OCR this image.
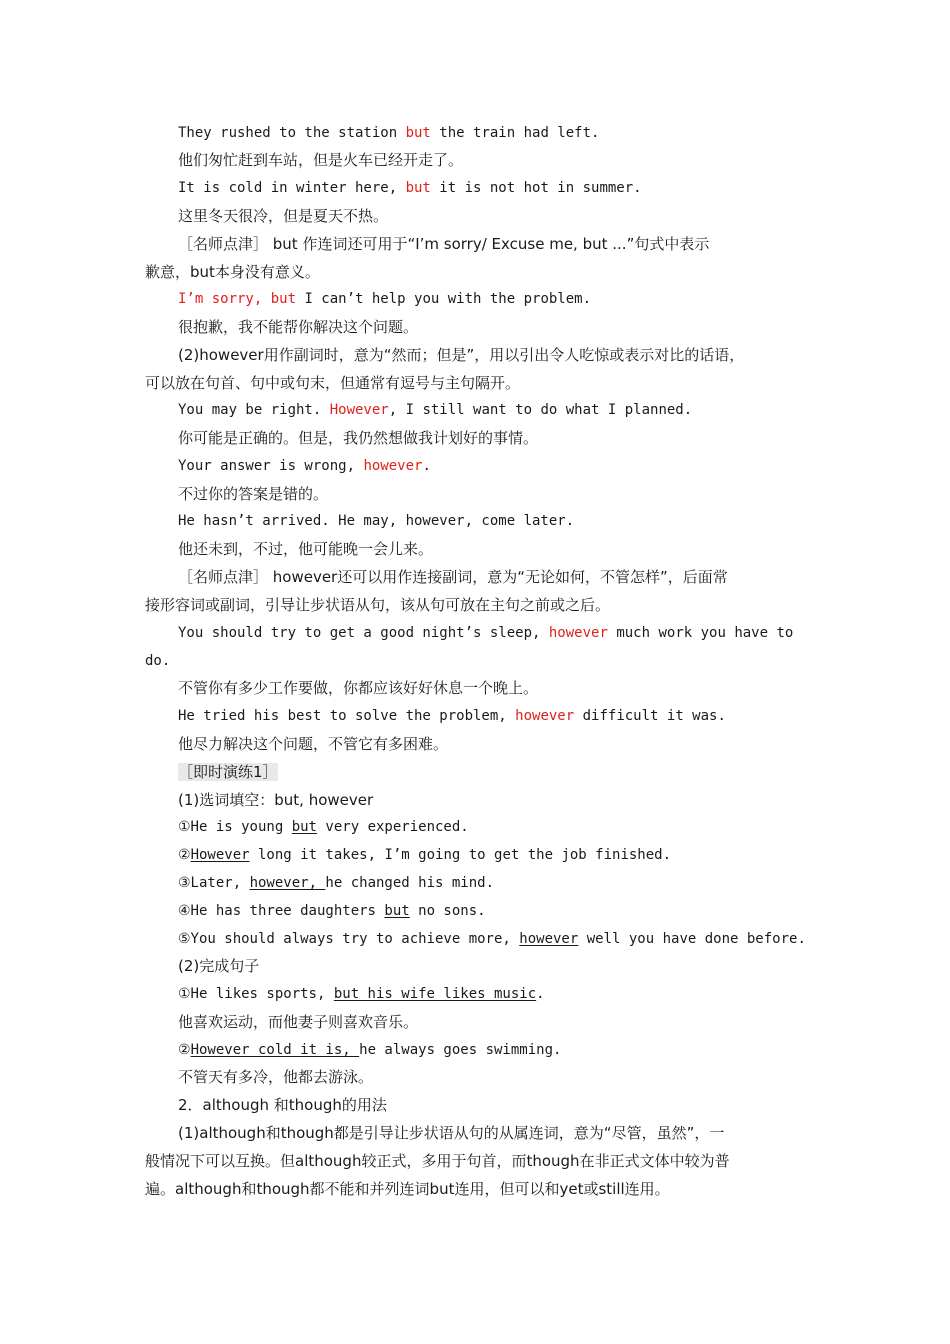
They rushed to the station but the train had left.
他们匆忙赶到车站，但是火车已经开走了。
It is cold in winter here, but it is not hot in summer.
这里冬天很冷，但是夏天不热。
［名师点津］ but 作连词还可用于“I’m sorry/ Excuse me, but ...”句式中表示
歉意，but本身没有意义。
I’m sorry, but I can’t help you with the problem.
很抱歉，我不能帮你解决这个问题。
(2)however用作副词时，意为“然而；但是”，用以引出令人吃惊或表示对比的话语，
可以放在句首、句中或句末，但通常有逗号与主句隔开。
You may be right. However, I still want to do what I planned.
你可能是正确的。但是，我仍然想做我计划好的事情。
Your answer is wrong, however.
不过你的答案是错的。
He hasn’t arrived. He may, however, come later.
他还未到，不过，他可能晚一会儿来。
［名师点津］ however还可以用作连接副词，意为“无论如何，不管怎样”，后面常
接形容词或副词，引导让步状语从句，该从句可放在主句之前或之后。
You should try to get a good night’s sleep, however much work you have to
do.
不管你有多少工作要做，你都应该好好休息一个晚上。
He tried his best to solve the problem, however difficult it was.
他尽力解决这个问题，不管它有多困难。
［即时演练1］
(1)选词填空：but, however
①He is young but very experienced.
②However long it takes, I’m going to get the job finished.
③Later, however, he changed his mind.
④He has three daughters but no sons.
⑤You should always try to achieve more, however well you have done before.
(2)完成句子
①He likes sports, but his wife likes music.
他喜欢运动，而他妻子则喜欢音乐。
②However cold it is, he always goes swimming.
不管天有多冷，他都去游泳。
2．although 和though的用法
(1)although和though都是引导让步状语从句的从属连词，意为“尽管，虽然”，一
般情况下可以互换。但although较正式，多用于句首，而though在非正式文体中较为普
遍。although和though都不能和并列连词but连用，但可以和yet或still连用。
